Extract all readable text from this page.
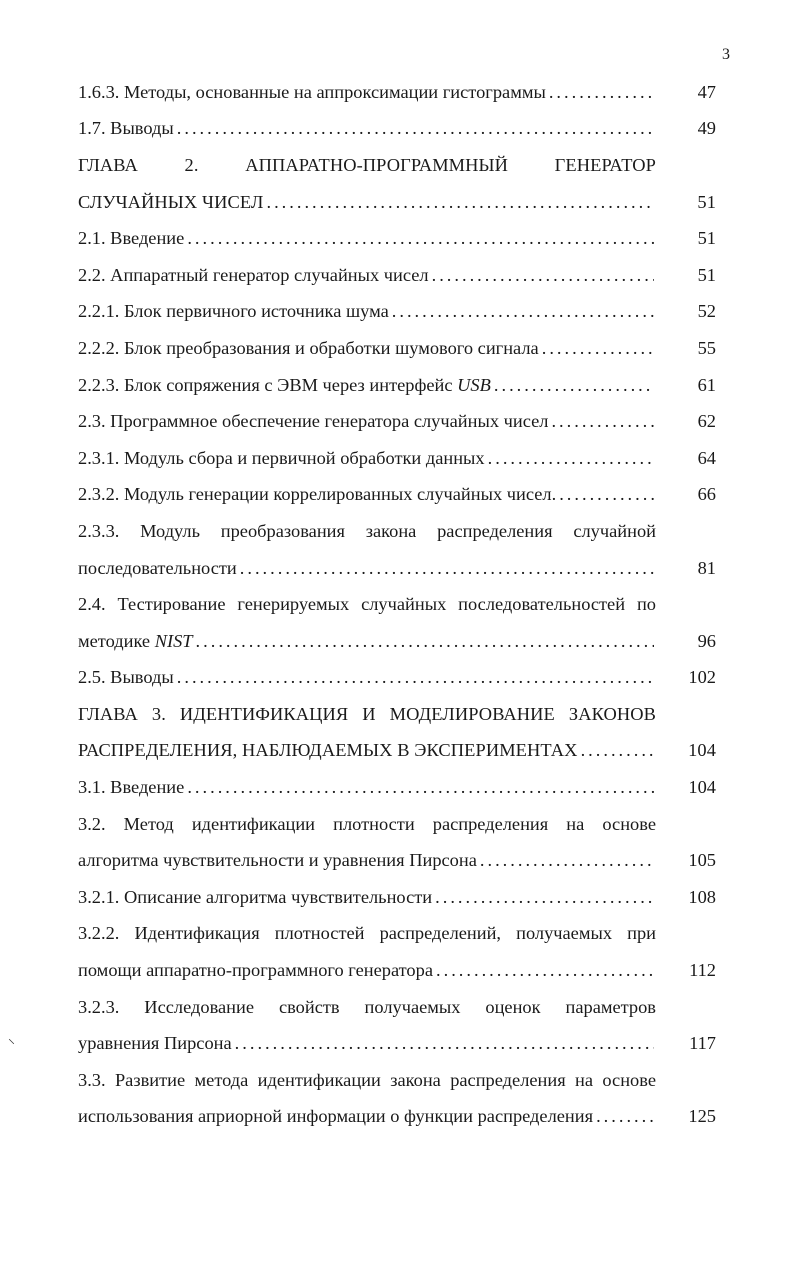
3
⸜
1.6.3. Методы, основанные на аппроксимации гистограммы . . .	47
1.7. Выводы . . .	49
ГЛАВА 2. АППАРАТНО-ПРОГРАММНЫЙ ГЕНЕРАТОР
СЛУЧАЙНЫХ ЧИСЕЛ . . .	51
2.1. Введение . . .	51
2.2. Аппаратный генератор случайных чисел . . .	51
2.2.1. Блок первичного источника шума . . .	52
2.2.2. Блок преобразования и обработки шумового сигнала . . .	55
2.2.3. Блок сопряжения с ЭВМ через интерфейс USB . . .	61
2.3. Программное обеспечение генератора случайных чисел . . .	62
2.3.1. Модуль сбора и первичной обработки данных . . .	64
2.3.2. Модуль генерации коррелированных случайных чисел. . . .	66
2.3.3. Модуль преобразования закона распределения случайной
последовательности . . .	81
2.4. Тестирование генерируемых случайных последовательностей по
методике NIST . . .	96
2.5. Выводы . . .	102
ГЛАВА 3. ИДЕНТИФИКАЦИЯ И МОДЕЛИРОВАНИЕ ЗАКОНОВ
РАСПРЕДЕЛЕНИЯ, НАБЛЮДАЕМЫХ В ЭКСПЕРИМЕНТАХ . . .	104
3.1. Введение . . .	104
3.2. Метод идентификации плотности распределения на основе
алгоритма чувствительности и уравнения Пирсона . . .	105
3.2.1. Описание алгоритма чувствительности . . .	108
3.2.2. Идентификация плотностей распределений, получаемых при
помощи аппаратно-программного генератора . . .	112
3.2.3. Исследование свойств получаемых оценок параметров
уравнения Пирсона . . .	117
3.3. Развитие метода идентификации закона распределения на основе
использования априорной информации о функции распределения . . .	125
